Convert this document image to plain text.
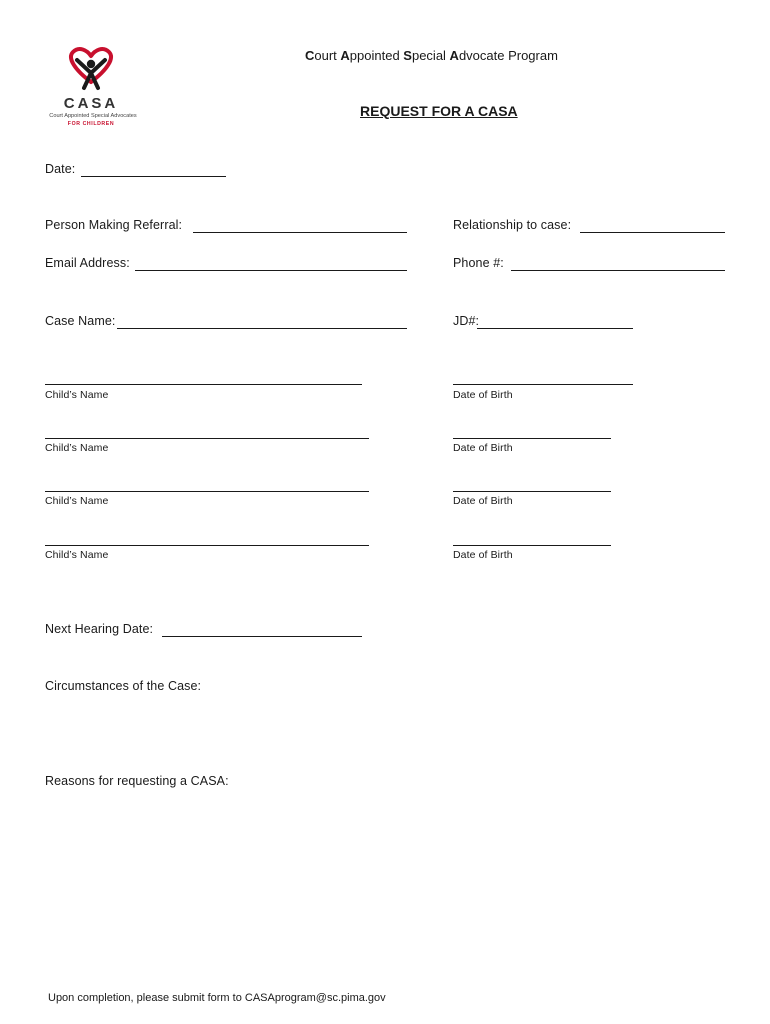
CASA
Court Appointed Special Advocates
FOR CHILDREN
Court Appointed Special Advocate Program
REQUEST FOR A CASA
Date:
Person Making Referral:	Relationship to case:
Email Address:	Phone #:
Case Name:	JD#:
Child’s Name	Date of Birth
Child’s Name	Date of Birth
Child’s Name	Date of Birth
Child’s Name	Date of Birth
Next Hearing Date:
Circumstances of the Case:
Reasons for requesting a CASA:
Upon completion, please submit form to CASAprogram@sc.pima.gov
